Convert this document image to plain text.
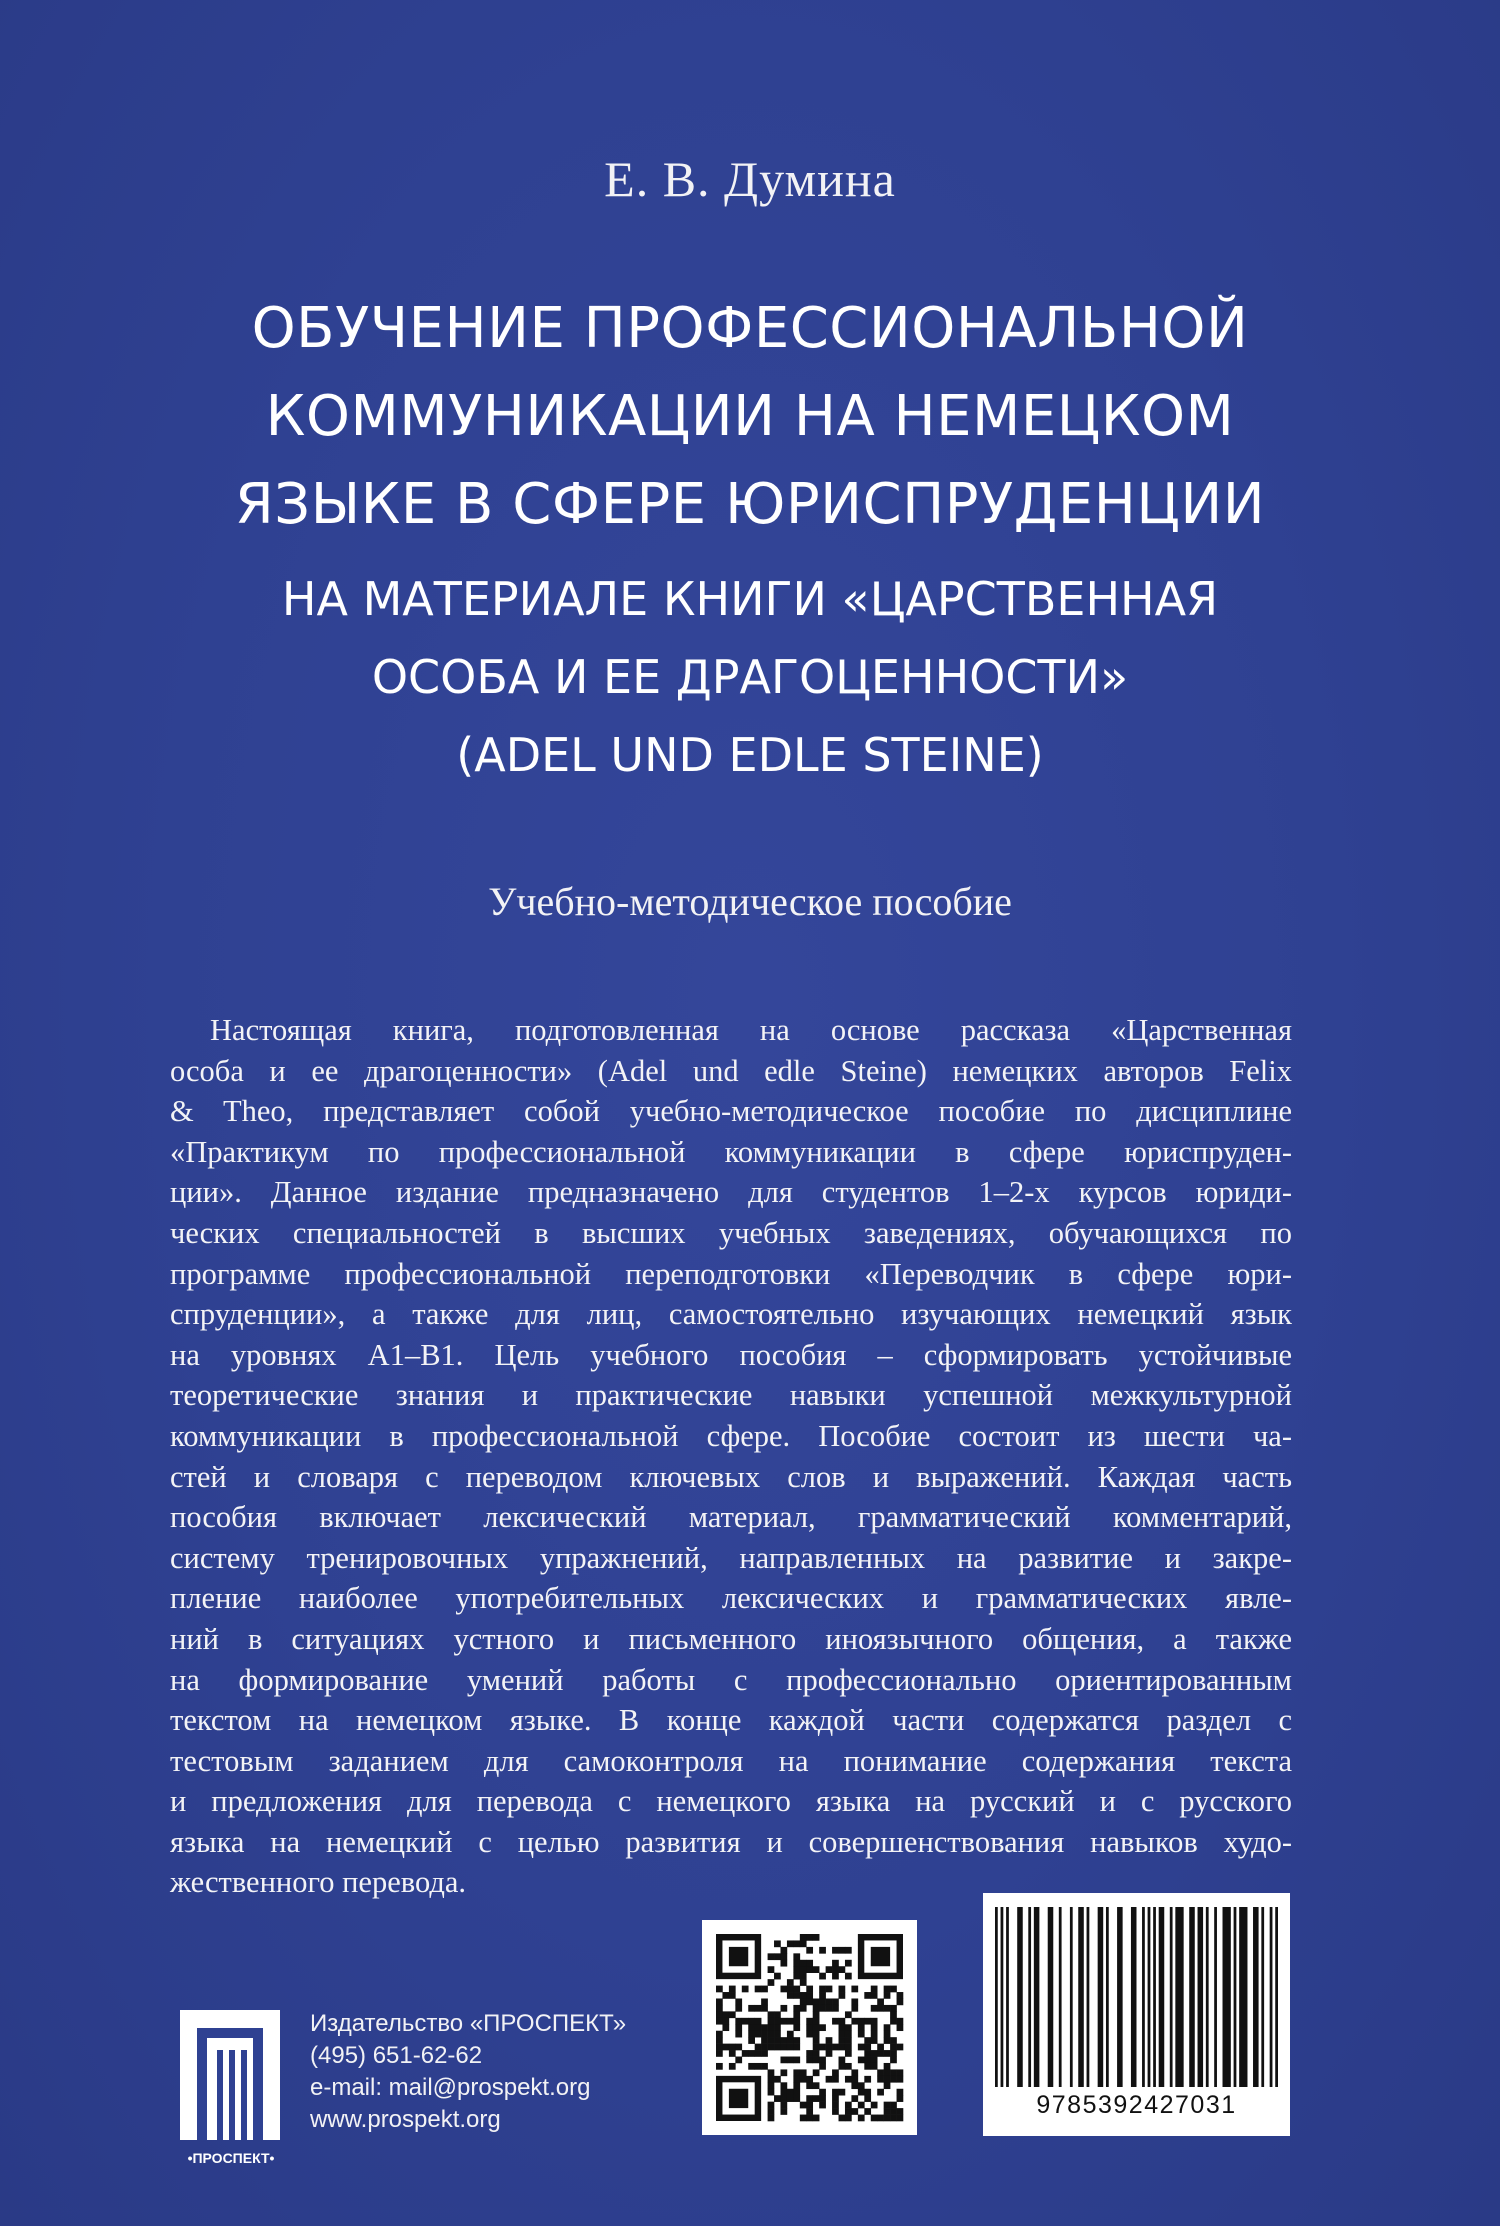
Е. В. Думина
ОБУЧЕНИЕ ПРОФЕССИОНАЛЬНОЙ
КОММУНИКАЦИИ НА НЕМЕЦКОМ
ЯЗЫКЕ В СФЕРЕ ЮРИСПРУДЕНЦИИ
НА МАТЕРИАЛЕ КНИГИ «ЦАРСТВЕННАЯ
ОСОБА И ЕЕ ДРАГОЦЕННОСТИ»
(ADEL UND EDLE STEINE)
Учебно-методическое пособие
Настоящая книга, подготовленная на основе рассказа «Царственная
особа и ее драгоценности» (Adel und edle Steine) немецких авторов Felix
& Theo, представляет собой учебно-методическое пособие по дисциплине
«Практикум по профессиональной коммуникации в сфере юриспруден-
ции». Данное издание предназначено для студентов 1–2-х курсов юриди-
ческих специальностей в высших учебных заведениях, обучающихся по
программе профессиональной переподготовки «Переводчик в сфере юри-
спруденции», а также для лиц, самостоятельно изучающих немецкий язык
на уровнях А1–В1. Цель учебного пособия – сформировать устойчивые
теоретические знания и практические навыки успешной межкультурной
коммуникации в профессиональной сфере. Пособие состоит из шести ча-
стей и словаря с переводом ключевых слов и выражений. Каждая часть
пособия включает лексический материал, грамматический комментарий,
систему тренировочных упражнений, направленных на развитие и закре-
пление наиболее употребительных лексических и грамматических явле-
ний в ситуациях устного и письменного иноязычного общения, а также
на формирование умений работы с профессионально ориентированным
текстом на немецком языке. В конце каждой части содержатся раздел с
тестовым заданием для самоконтроля на понимание содержания текста
и предложения для перевода с немецкого языка на русский и с русского
языка на немецкий с целью развития и совершенствования навыков худо-
жественного перевода.
•ПРОСПЕКТ•
Издательство «ПРОСПЕКТ»
(495) 651-62-62
e-mail: mail@prospekt.org
www.prospekt.org
9785392427031
